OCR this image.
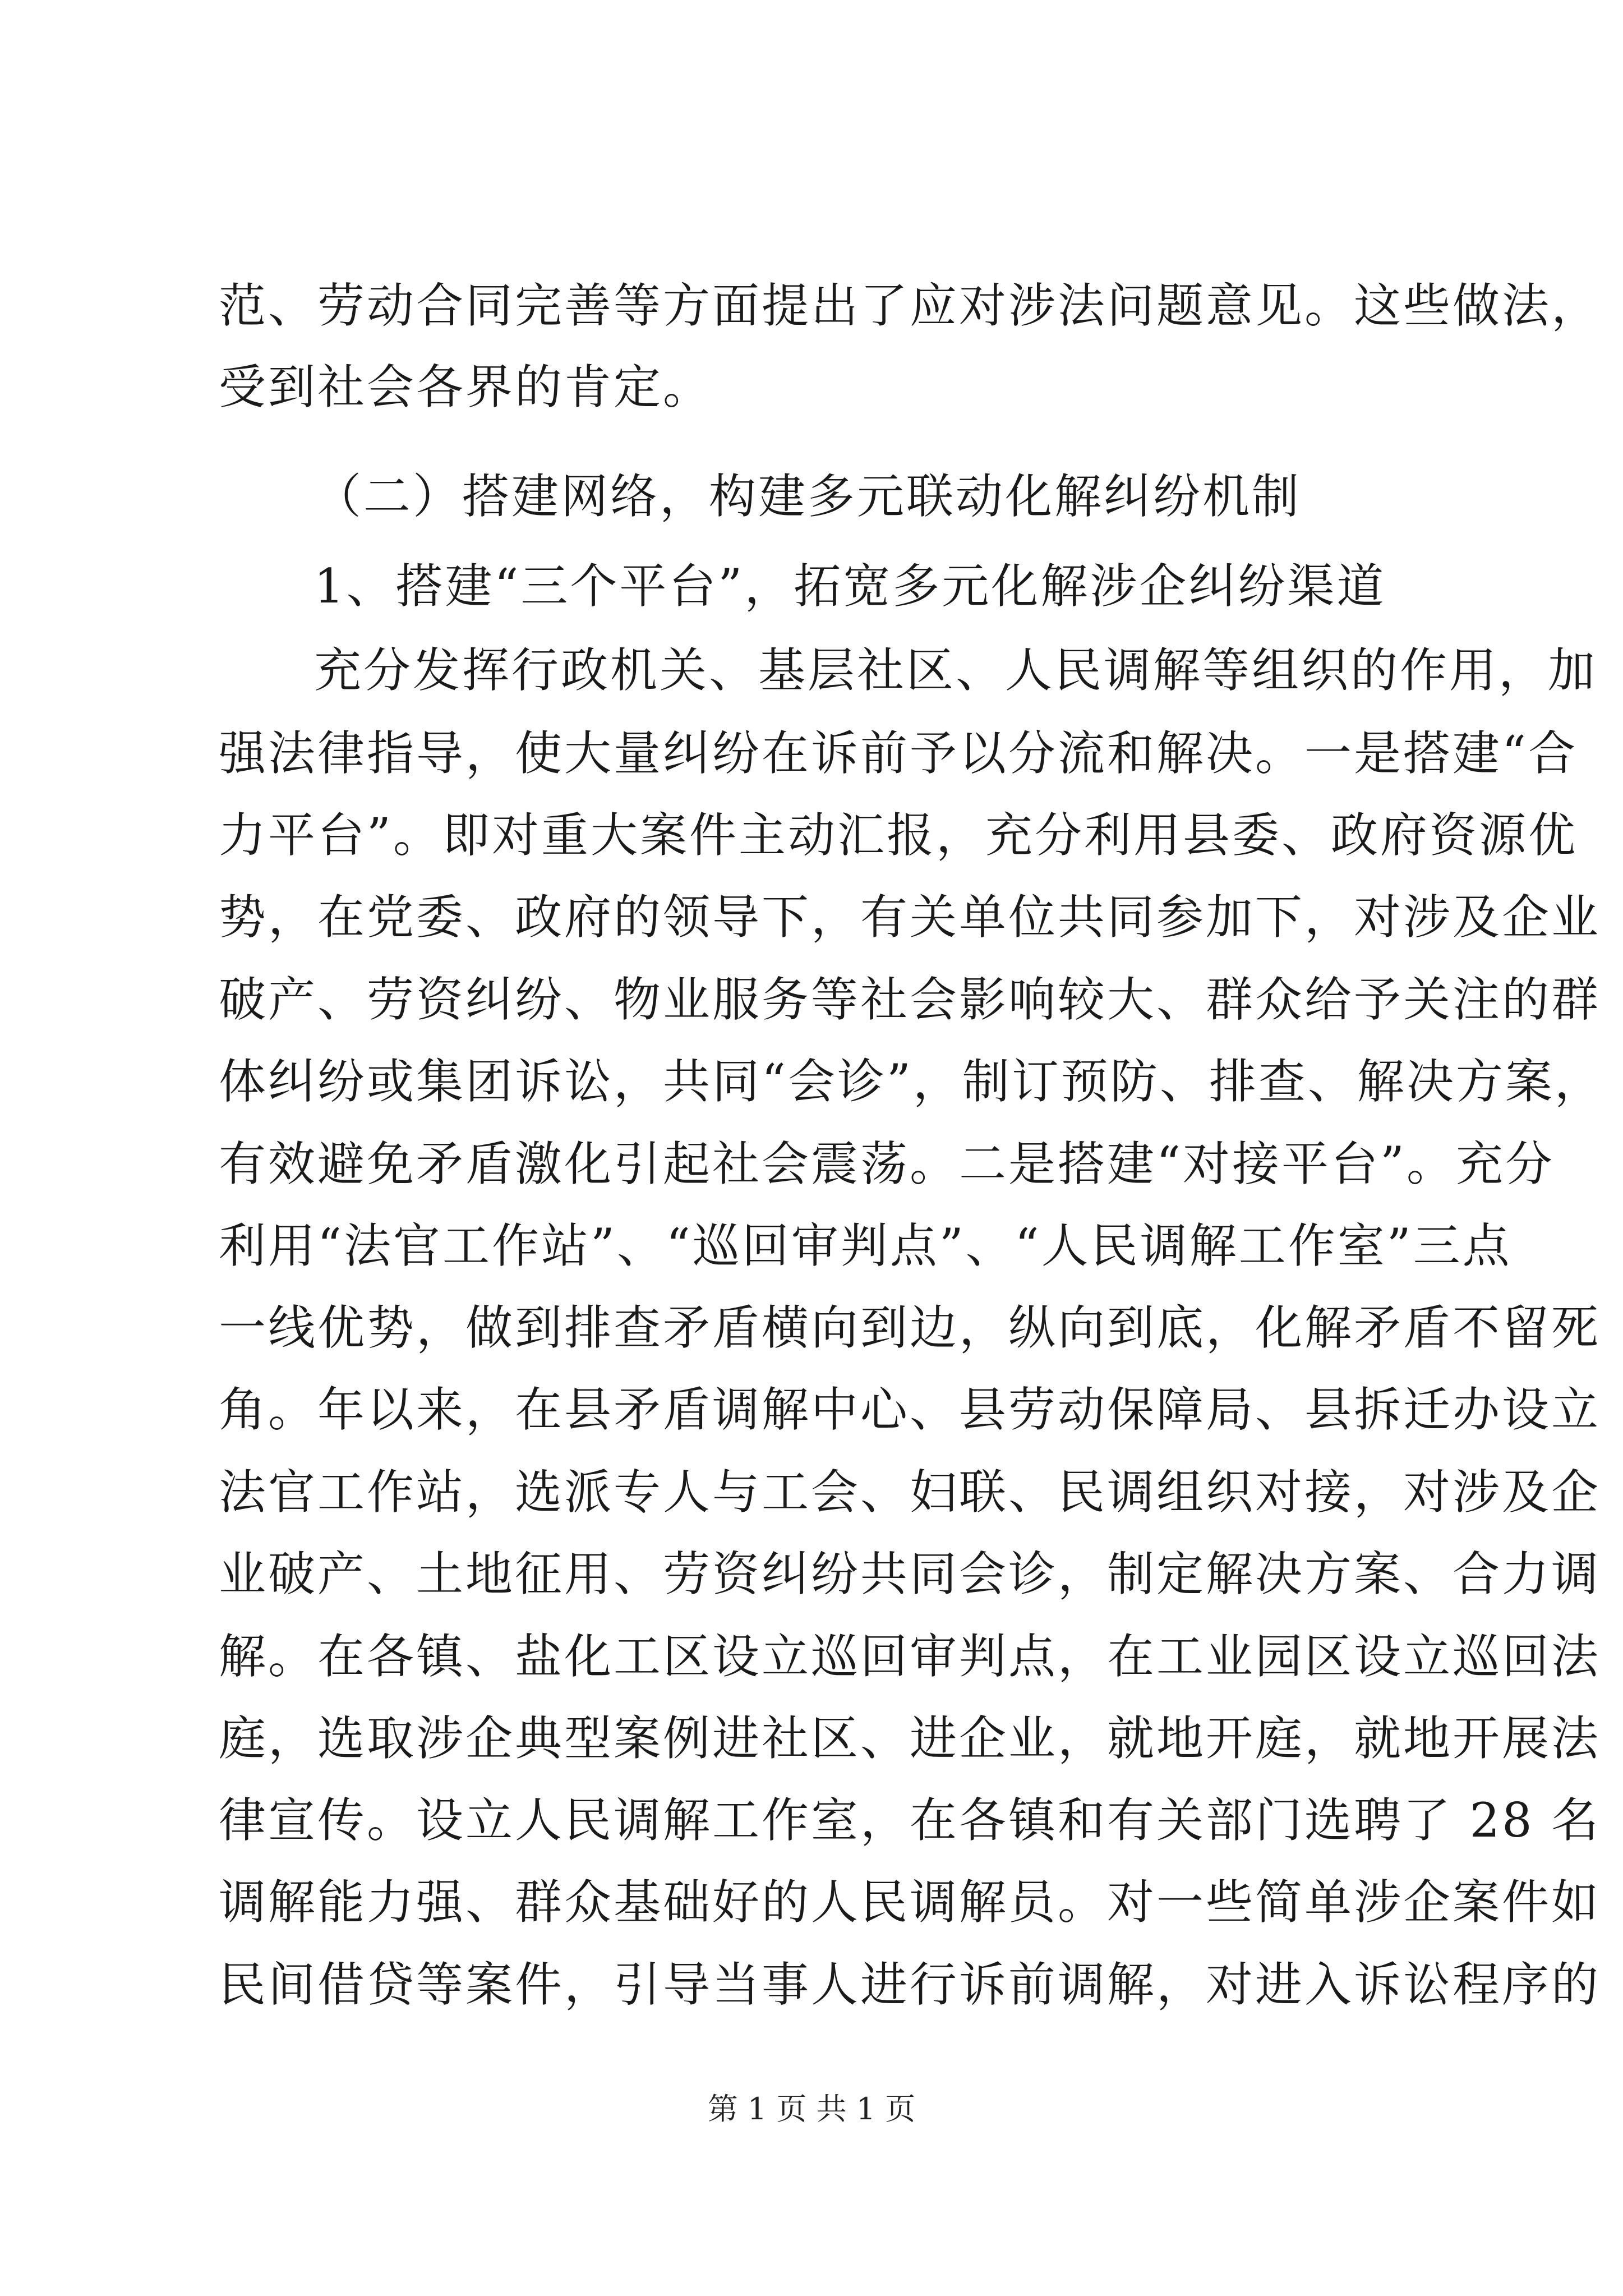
范、劳动合同完善等方面提出了应对涉法问题意见。这些做法，
受到社会各界的肯定。
（二）搭建网络，构建多元联动化解纠纷机制
1、搭建“三个平台”，拓宽多元化解涉企纠纷渠道
充分发挥行政机关、基层社区、人民调解等组织的作用，加
强法律指导，使大量纠纷在诉前予以分流和解决。一是搭建“合
力平台”。即对重大案件主动汇报，充分利用县委、政府资源优
势，在党委、政府的领导下，有关单位共同参加下，对涉及企业
破产、劳资纠纷、物业服务等社会影响较大、群众给予关注的群
体纠纷或集团诉讼，共同“会诊”，制订预防、排查、解决方案，
有效避免矛盾激化引起社会震荡。二是搭建“对接平台”。充分
利用“法官工作站”、“巡回审判点”、“人民调解工作室”三点
一线优势，做到排查矛盾横向到边，纵向到底，化解矛盾不留死
角。年以来，在县矛盾调解中心、县劳动保障局、县拆迁办设立
法官工作站，选派专人与工会、妇联、民调组织对接，对涉及企
业破产、土地征用、劳资纠纷共同会诊，制定解决方案、合力调
解。在各镇、盐化工区设立巡回审判点，在工业园区设立巡回法
庭，选取涉企典型案例进社区、进企业，就地开庭，就地开展法
律宣传。设立人民调解工作室，在各镇和有关部门选聘了 28 名
调解能力强、群众基础好的人民调解员。对一些简单涉企案件如
民间借贷等案件，引导当事人进行诉前调解，对进入诉讼程序的
第 1 页 共 1 页
